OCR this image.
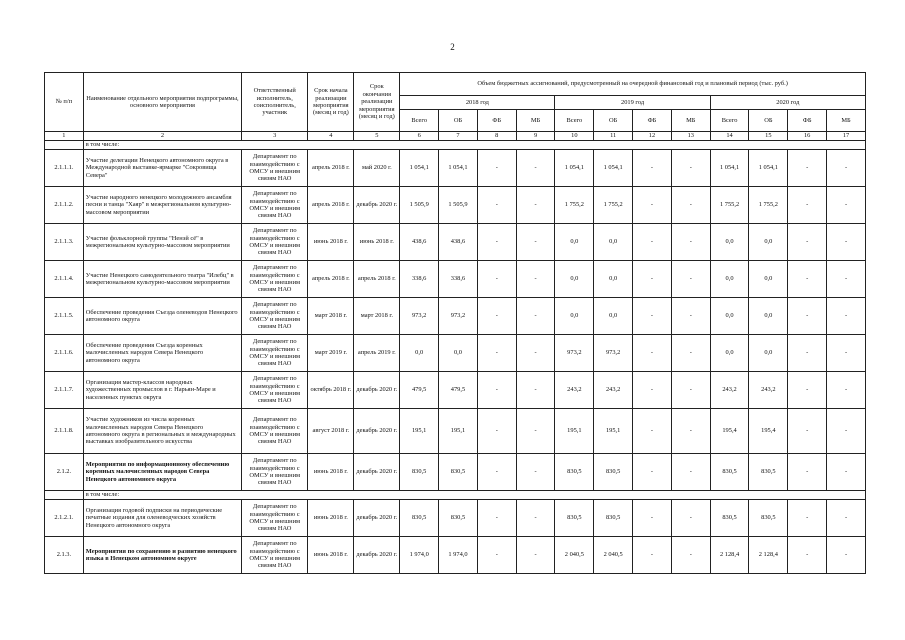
2
№ п/п	Наименование отдельного мероприятия подпрограммы, основного мероприятия	Ответственный исполнитель, соисполнитель, участник	Срок начала реализации мероприятия (месяц и год)	Срок окончания реализации мероприятия (месяц и год)	Объем бюджетных ассигнований, предусмотренный на очередной финансовый год и плановый период (тыс. руб.)											
					2018 год				2019 год				2020 год			
					Всего	ОБ	ФБ	МБ	Всего	ОБ	ФБ	МБ	Всего	ОБ	ФБ	МБ
1	2	3	4	5	6	7	8	9	10	11	12	13	14	15	16	17
	в том числе:															
2.1.1.1.	Участие делегации Ненецкого автономного округа в Международной выставке-ярмарке "Сокровища Севера"	Департамент по взаимодействию с ОМСУ и внешним связям НАО	апрель 2018 г.	май 2020 г.	1 054,1	1 054,1	-	-	1 054,1	1 054,1	-	-	1 054,1	1 054,1	-	-
2.1.1.2.	Участие народного ненецкого молодежного ансамбля песни и танца "Хаяр" в межрегиональном культурно-массовом мероприятии	Департамент по взаимодействию с ОМСУ и внешним связям НАО	апрель 2018 г.	декабрь 2020 г.	1 505,9	1 505,9	-	-	1 755,2	1 755,2	-	-	1 755,2	1 755,2	-	-
2.1.1.3.	Участие фольклорной группы "Ненэй сё" в межрегиональном культурно-массовом мероприятии	Департамент по взаимодействию с ОМСУ и внешним связям НАО	июнь 2018 г.	июнь 2018 г.	438,6	438,6	-	-	0,0	0,0	-	-	0,0	0,0	-	-
2.1.1.4.	Участие Ненецкого самодеятельного театра "Илебц" в межрегиональном культурно-массовом мероприятии	Департамент по взаимодействию с ОМСУ и внешним связям НАО	апрель 2018 г.	апрель 2018 г.	338,6	338,6	-	-	0,0	0,0	-	-	0,0	0,0	-	-
2.1.1.5.	Обеспечение проведения Съезда оленеводов Ненецкого автономного округа	Департамент по взаимодействию с ОМСУ и внешним связям НАО	март 2018 г.	март 2018 г.	973,2	973,2	-	-	0,0	0,0	-	-	0,0	0,0	-	-
2.1.1.6.	Обеспечение проведения Съезда коренных малочисленных народов Севера Ненецкого автономного округа	Департамент по взаимодействию с ОМСУ и внешним связям НАО	март 2019 г.	апрель 2019 г.	0,0	0,0	-	-	973,2	973,2	-	-	0,0	0,0	-	-
2.1.1.7.	Организация мастер-классов народных художественных промыслов в г. Нарьян-Маре и населенных пунктах округа	Департамент по взаимодействию с ОМСУ и внешним связям НАО	октябрь 2018 г.	декабрь 2020 г.	479,5	479,5	-	-	243,2	243,2	-	-	243,2	243,2	-	-
2.1.1.8.	Участие художников из числа коренных малочисленных народов Севера Ненецкого автономного округа в региональных и международных выставках изобразительного искусства	Департамент по взаимодействию с ОМСУ и внешним связям НАО	август 2018 г.	декабрь 2020 г.	195,1	195,1	-	-	195,1	195,1	-	-	195,4	195,4	-	-
2.1.2.	Мероприятия по информационному обеспечению коренных малочисленных народов Севера Ненецкого автономного округа	Департамент по взаимодействию с ОМСУ и внешним связям НАО	июнь 2018 г.	декабрь 2020 г.	830,5	830,5	-	-	830,5	830,5	-	-	830,5	830,5	-	-
	в том числе:															
2.1.2.1.	Организация годовой подписки на периодические печатные издания для оленеводческих хозяйств Ненецкого автономного округа	Департамент по взаимодействию с ОМСУ и внешним связям НАО	июнь 2018 г.	декабрь 2020 г.	830,5	830,5	-	-	830,5	830,5	-	-	830,5	830,5	-	-
2.1.3.	Мероприятия по сохранению и развитию ненецкого языка в Ненецком автономном округе	Департамент по взаимодействию с ОМСУ и внешним связям НАО	июнь 2018 г.	декабрь 2020 г.	1 974,0	1 974,0	-	-	2 040,5	2 040,5	-	-	2 128,4	2 128,4	-	-
